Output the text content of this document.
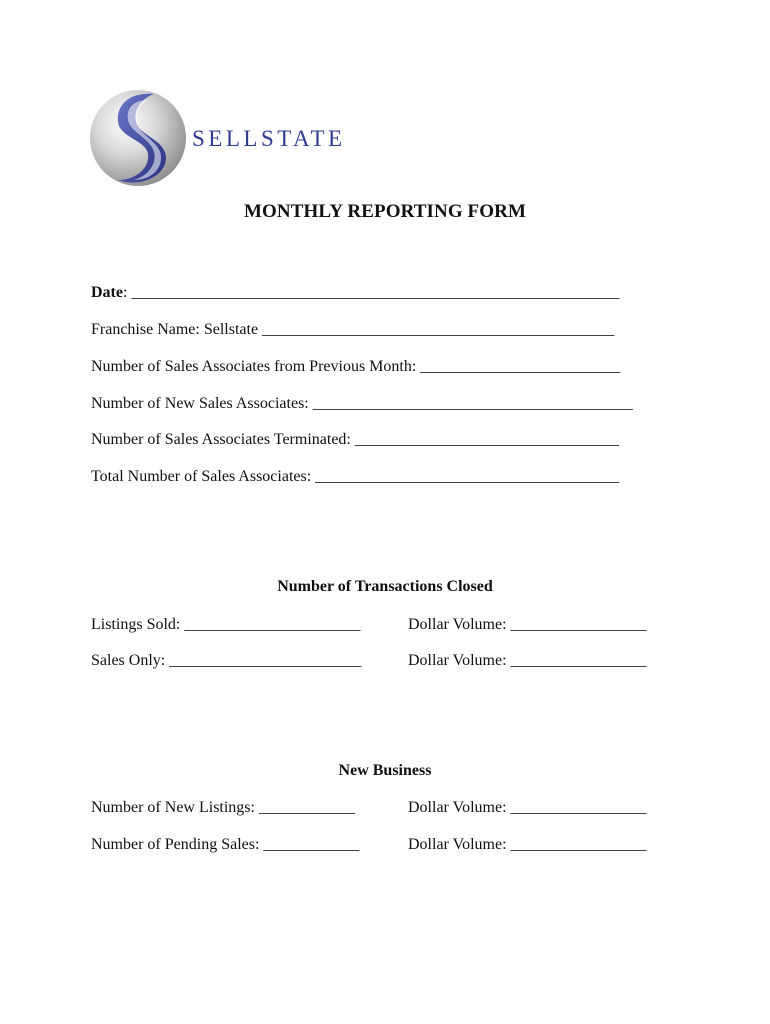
SELLSTATE
MONTHLY REPORTING FORM
Date: _____________________________________________________________
Franchise Name: Sellstate ____________________________________________
Number of Sales Associates from Previous Month: _________________________
Number of New Sales Associates: ________________________________________
Number of Sales Associates Terminated: _________________________________
Total Number of Sales Associates: ______________________________________
Number of Transactions Closed
Listings Sold: ______________________	Dollar Volume: _________________
Sales Only: ________________________	Dollar Volume: _________________
New Business
Number of New Listings: ____________	Dollar Volume: _________________
Number of Pending Sales: ____________	Dollar Volume: _________________
